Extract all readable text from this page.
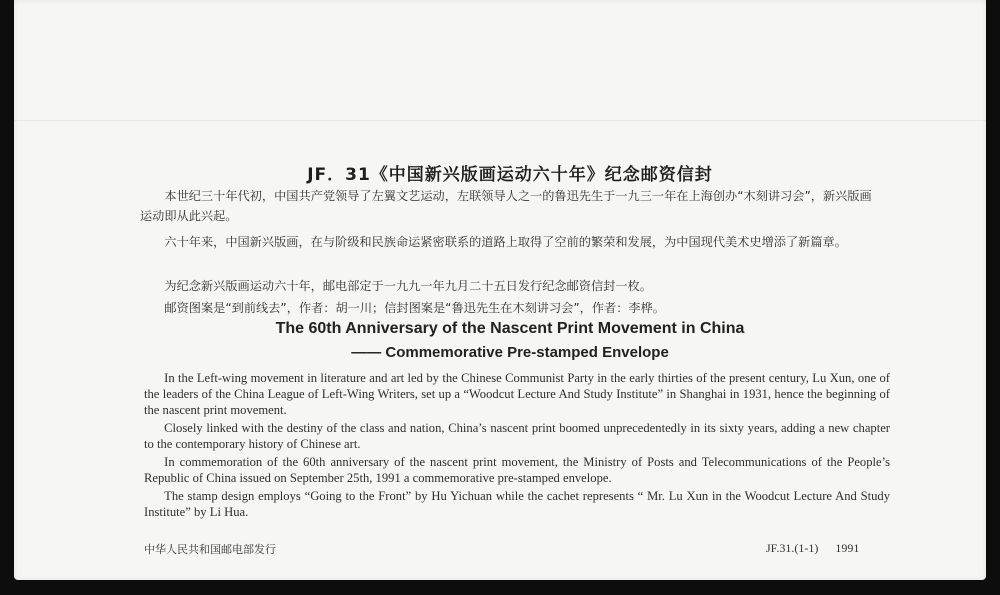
JF．31《中国新兴版画运动六十年》纪念邮资信封

本世纪三十年代初，中国共产党领导了左翼文艺运动，左联领导人之一的鲁迅先生于一九三一年在上海创办“木刻讲习会”，新兴版画运动即从此兴起。

六十年来，中国新兴版画，在与阶级和民族命运紧密联系的道路上取得了空前的繁荣和发展，为中国现代美术史增添了新篇章。

为纪念新兴版画运动六十年，邮电部定于一九九一年九月二十五日发行纪念邮资信封一枚。

邮资图案是“到前线去”，作者：胡一川；信封图案是“鲁迅先生在木刻讲习会”，作者：李桦。

The 60th Anniversary of the Nascent Print Movement in China
—— Commemorative Pre-stamped Envelope

In the Left-wing movement in literature and art led by the Chinese Communist Party in the early thirties of the present century, Lu Xun, one of the leaders of the China League of Left-Wing Writers, set up a “Woodcut Lecture And Study Institute” in Shanghai in 1931, hence the beginning of the nascent print movement.

Closely linked with the destiny of the class and nation, China’s nascent print boomed unprecedentedly in its sixty years, adding a new chapter to the contemporary history of Chinese art.

In commemoration of the 60th anniversary of the nascent print movement, the Ministry of Posts and Telecommunications of the People’s Republic of China issued on September 25th, 1991 a commemorative pre-stamped envelope.

The stamp design employs “Going to the Front” by Hu Yichuan while the cachet represents “ Mr. Lu Xun in the Woodcut Lecture And Study Institute” by Li Hua.

中华人民共和国邮电部发行	JF.31.(1-1) 1991
